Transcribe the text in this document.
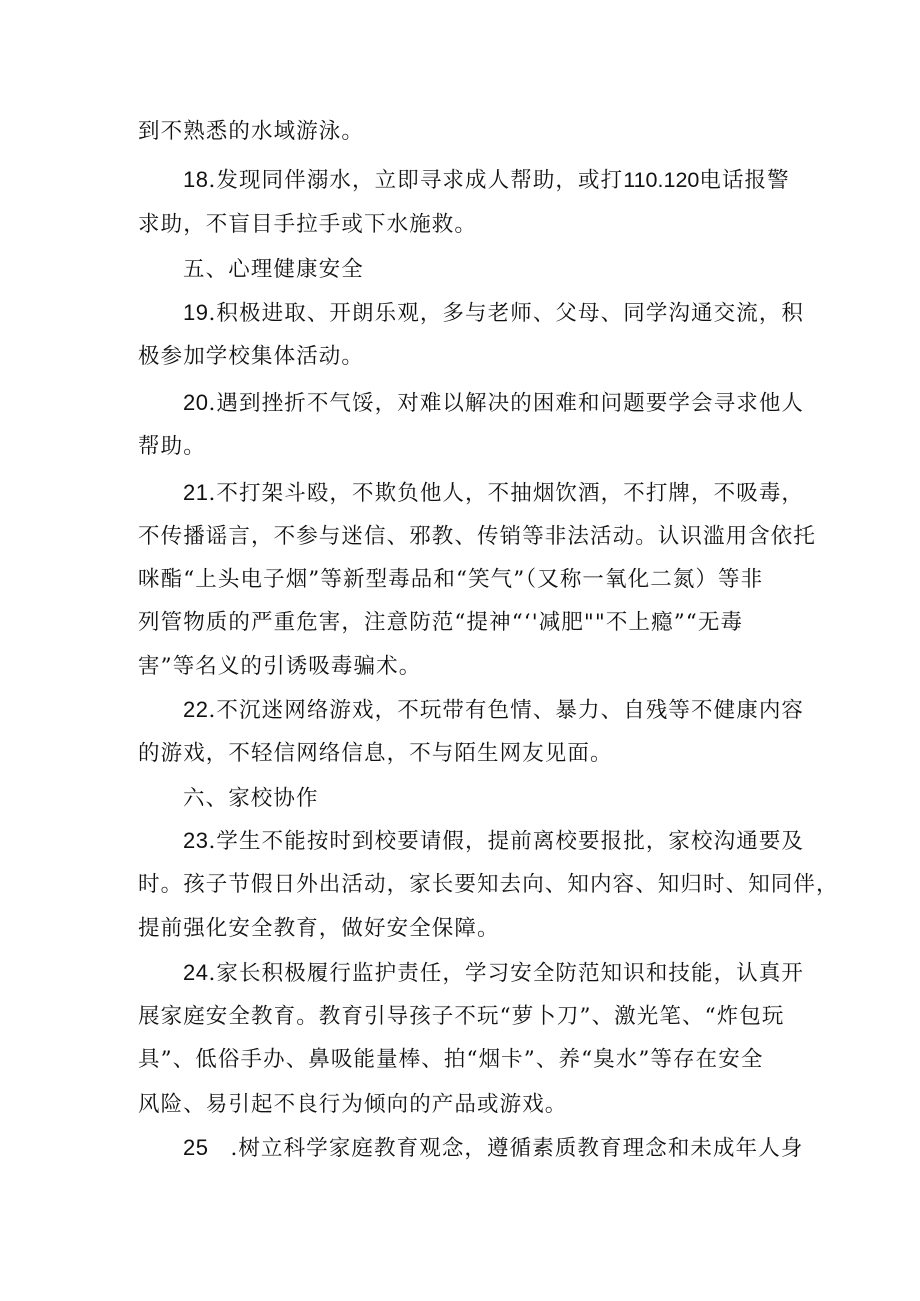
到不熟悉的水域游泳。
18.发现同伴溺水，立即寻求成人帮助，或打110.120电话报警
求助，不盲目手拉手或下水施救。
五、心理健康安全
19.积极进取、开朗乐观，多与老师、父母、同学沟通交流，积
极参加学校集体活动。
20.遇到挫折不气馁，对难以解决的困难和问题要学会寻求他人
帮助。
21.不打架斗殴，不欺负他人，不抽烟饮酒，不打牌，不吸毒，
不传播谣言，不参与迷信、邪教、传销等非法活动。认识滥用含依托
咪酯“上头电子烟”等新型毒品和“笑气”（又称一氧化二氮）等非
列管物质的严重危害，注意防范“提神“‘'减肥""不上瘾”“无毒
害”等名义的引诱吸毒骗术。
22.不沉迷网络游戏，不玩带有色情、暴力、自残等不健康内容
的游戏，不轻信网络信息，不与陌生网友见面。
六、家校协作
23.学生不能按时到校要请假，提前离校要报批，家校沟通要及
时。孩子节假日外出活动，家长要知去向、知内容、知归时、知同伴，
提前强化安全教育，做好安全保障。
24.家长积极履行监护责任，学习安全防范知识和技能，认真开
展家庭安全教育。教育引导孩子不玩“萝卜刀”、激光笔、“炸包玩
具”、低俗手办、鼻吸能量棒、拍“烟卡”、养“臭水”等存在安全
风险、易引起不良行为倾向的产品或游戏。
25 .树立科学家庭教育观念，遵循素质教育理念和未成年人身
